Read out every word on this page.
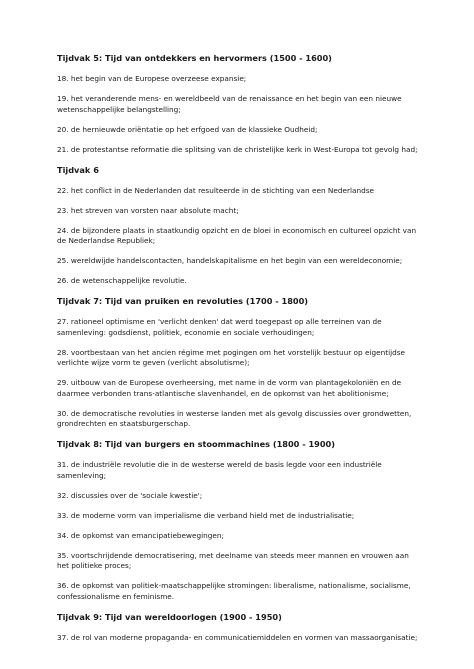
Tijdvak 5: Tijd van ontdekkers en hervormers (1500 - 1600)
18. het begin van de Europese overzeese expansie;
19. het veranderende mens- en wereldbeeld van de renaissance en het begin van een nieuwe wetenschappelijke belangstelling;
20. de hernieuwde oriëntatie op het erfgoed van de klassieke Oudheid;
21. de protestantse reformatie die splitsing van de christelijke kerk in West-Europa tot gevolg had;
Tijdvak 6
22. het conflict in de Nederlanden dat resulteerde in de stichting van een Nederlandse
23. het streven van vorsten naar absolute macht;
24. de bijzondere plaats in staatkundig opzicht en de bloei in economisch en cultureel opzicht van de Nederlandse Republiek;
25. wereldwijde handelscontacten, handelskapitalisme en het begin van een wereldeconomie;
26. de wetenschappelijke revolutie.
Tijdvak 7: Tijd van pruiken en revoluties (1700 - 1800)
27. rationeel optimisme en 'verlicht denken' dat werd toegepast op alle terreinen van de samenleving: godsdienst, politiek, economie en sociale verhoudingen;
28. voortbestaan van het ancien régime met pogingen om het vorstelijk bestuur op eigentijdse verlichte wijze vorm te geven (verlicht absolutisme);
29. uitbouw van de Europese overheersing, met name in de vorm van plantagekoloniën en de daarmee verbonden trans-atlantische slavenhandel, en de opkomst van het abolitionisme;
30. de democratische revoluties in westerse landen met als gevolg discussies over grondwetten, grondrechten en staatsburgerschap.
Tijdvak 8: Tijd van burgers en stoommachines (1800 - 1900)
31. de industriële revolutie die in de westerse wereld de basis legde voor een industriële samenleving;
32. discussies over de 'sociale kwestie';
33. de moderne vorm van imperialisme die verband hield met de industrialisatie;
34. de opkomst van emancipatiebewegingen;
35. voortschrijdende democratisering, met deelname van steeds meer mannen en vrouwen aan het politieke proces;
36. de opkomst van politiek-maatschappelijke stromingen: liberalisme, nationalisme, socialisme, confessionalisme en feminisme.
Tijdvak 9: Tijd van wereldoorlogen (1900 - 1950)
37. de rol van moderne propaganda- en communicatiemiddelen en vormen van massaorganisatie;
